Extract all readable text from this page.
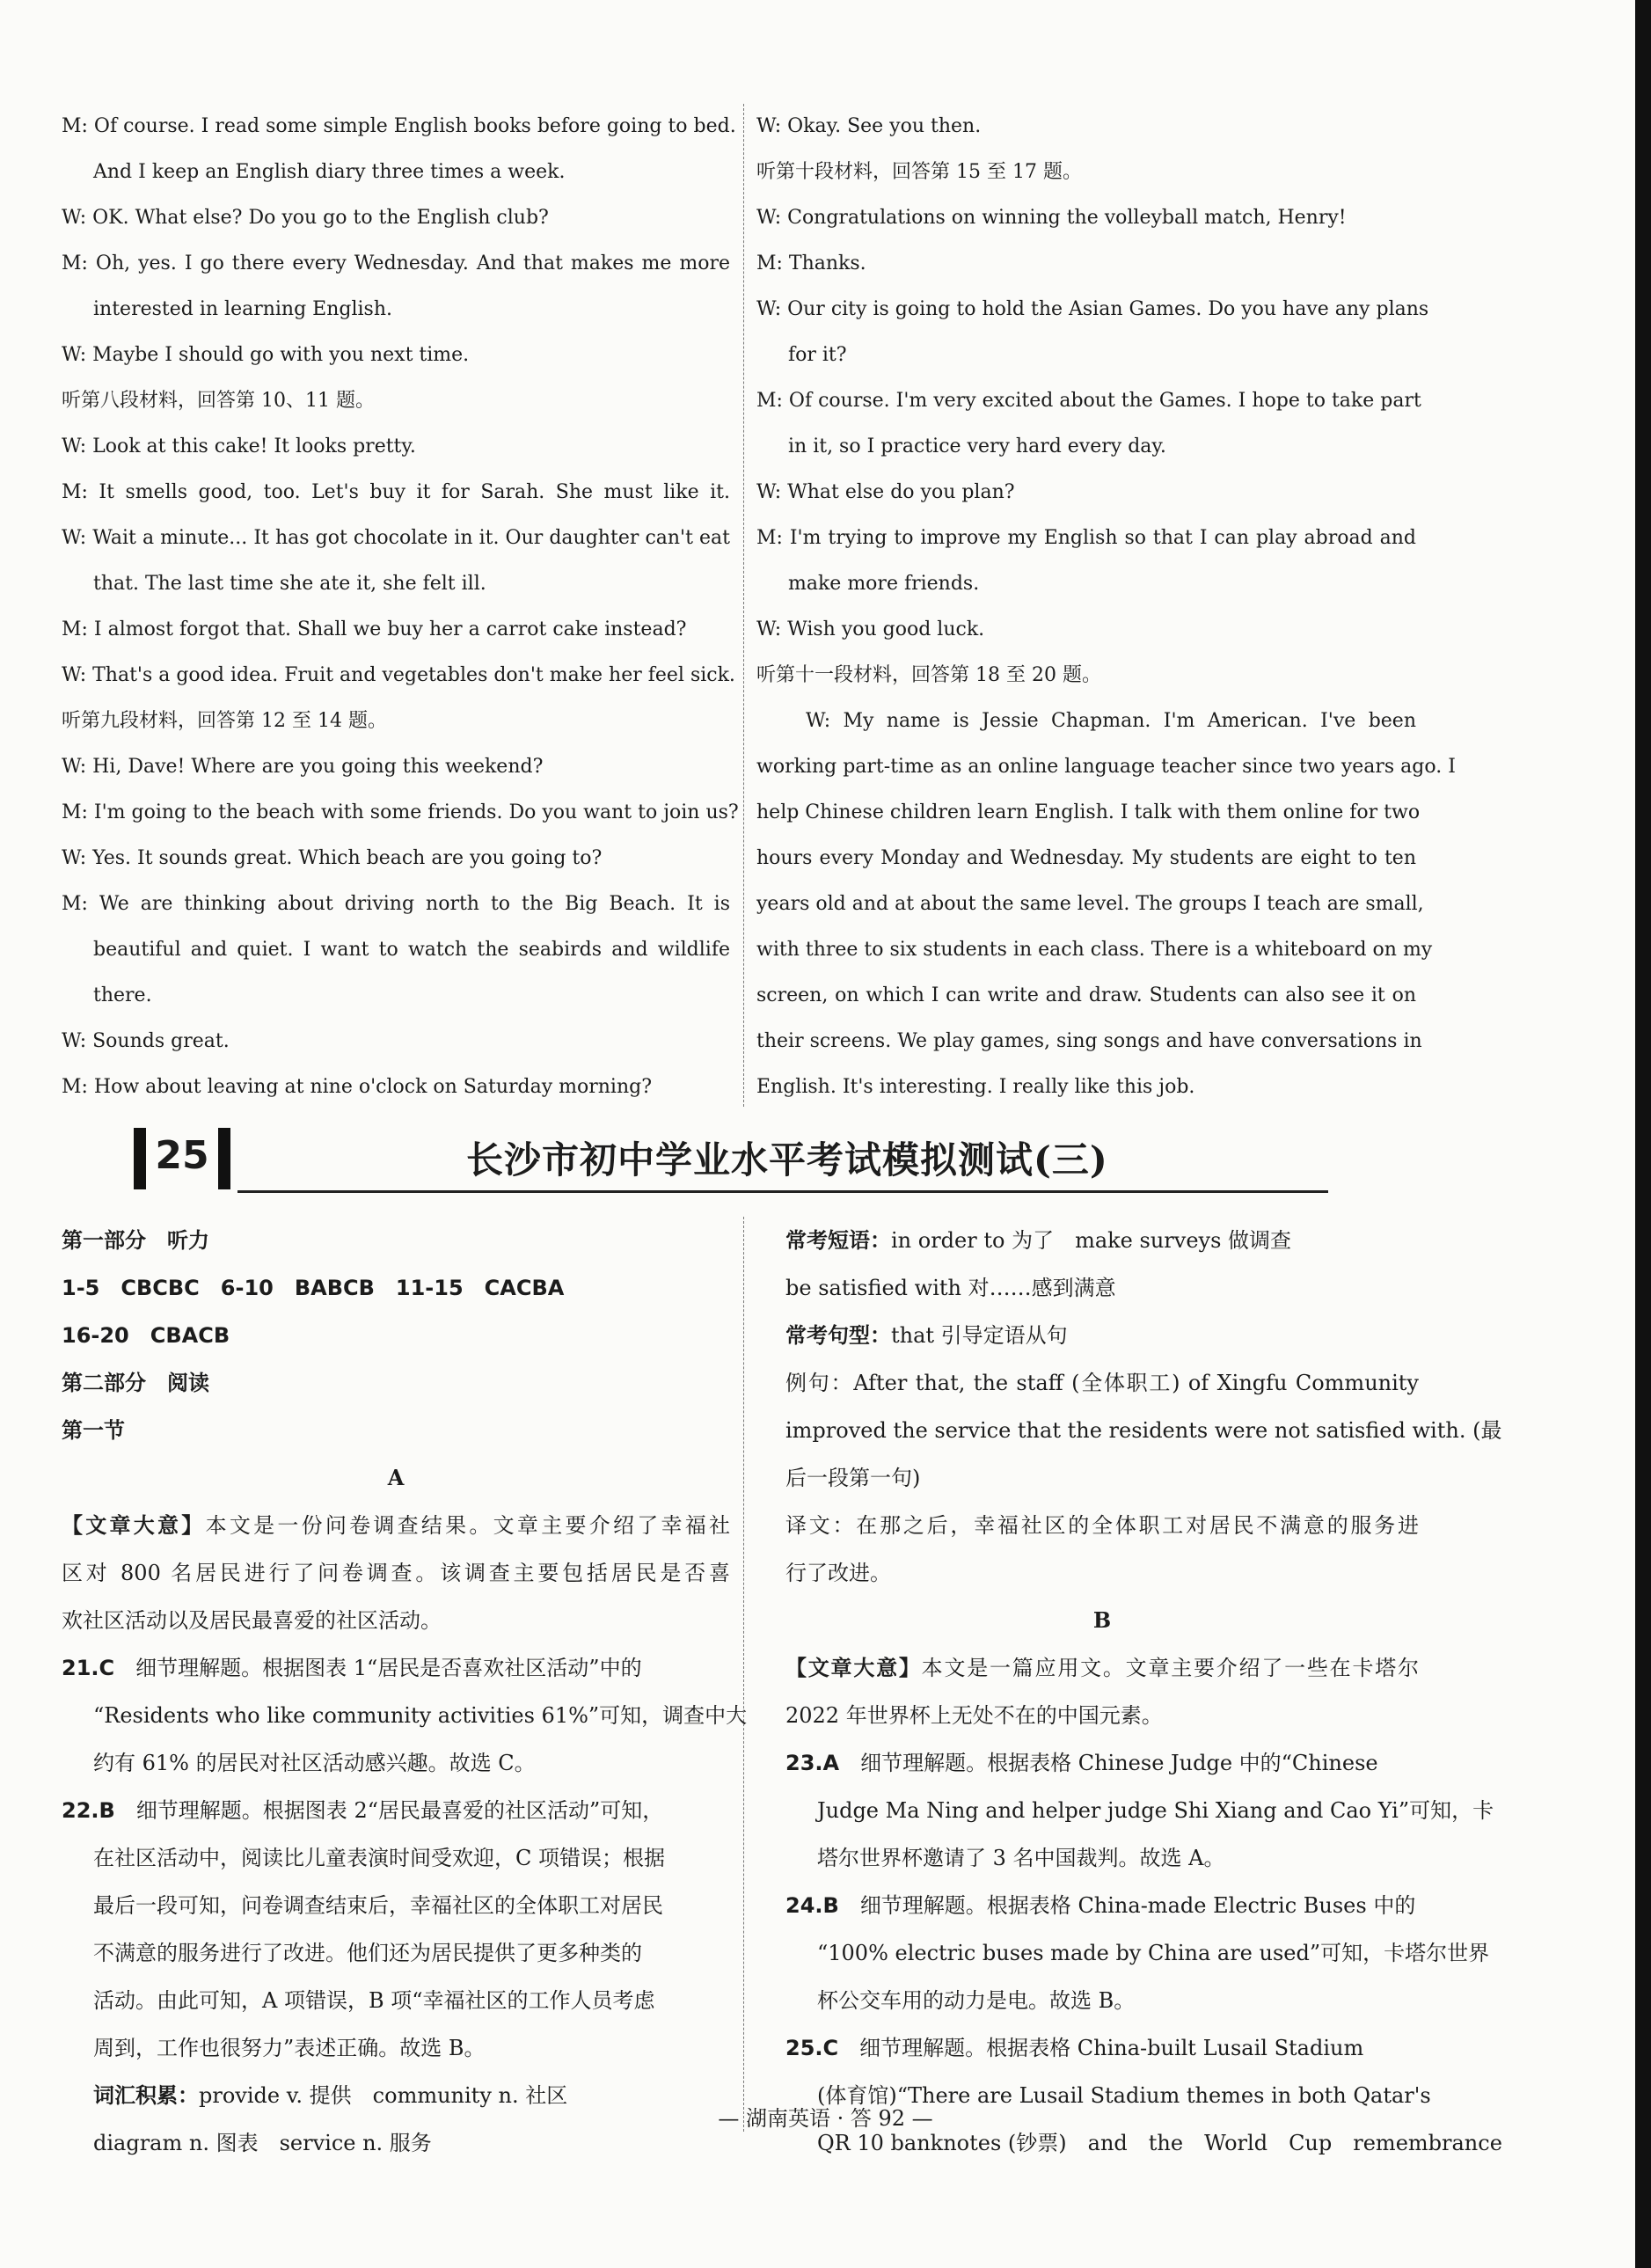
M: Of course. I read some simple English books before going to bed.
And I keep an English diary three times a week.
W: OK. What else? Do you go to the English club?
M: Oh, yes. I go there every Wednesday. And that makes me more
interested in learning English.
W: Maybe I should go with you next time.
听第八段材料，回答第 10、11 题。
W: Look at this cake! It looks pretty.
M: It smells good, too. Let's buy it for Sarah. She must like it.
W: Wait a minute... It has got chocolate in it. Our daughter can't eat
that. The last time she ate it, she felt ill.
M: I almost forgot that. Shall we buy her a carrot cake instead?
W: That's a good idea. Fruit and vegetables don't make her feel sick.
听第九段材料，回答第 12 至 14 题。
W: Hi, Dave! Where are you going this weekend?
M: I'm going to the beach with some friends. Do you want to join us?
W: Yes. It sounds great. Which beach are you going to?
M: We are thinking about driving north to the Big Beach. It is
beautiful and quiet. I want to watch the seabirds and wildlife
there.
W: Sounds great.
M: How about leaving at nine o'clock on Saturday morning?
W: Okay. See you then.
听第十段材料，回答第 15 至 17 题。
W: Congratulations on winning the volleyball match, Henry!
M: Thanks.
W: Our city is going to hold the Asian Games. Do you have any plans
for it?
M: Of course. I'm very excited about the Games. I hope to take part
in it, so I practice very hard every day.
W: What else do you plan?
M: I'm trying to improve my English so that I can play abroad and
make more friends.
W: Wish you good luck.
听第十一段材料，回答第 18 至 20 题。
W: My name is Jessie Chapman. I'm American. I've been
working part-time as an online language teacher since two years ago. I
help Chinese children learn English. I talk with them online for two
hours every Monday and Wednesday. My students are eight to ten
years old and at about the same level. The groups I teach are small,
with three to six students in each class. There is a whiteboard on my
screen, on which I can write and draw. Students can also see it on
their screens. We play games, sing songs and have conversations in
English. It's interesting. I really like this job.
25	长沙市初中学业水平考试模拟测试(三)
第一部分　听力
1-5　CBCBC　6-10　BABCB　11-15　CACBA
16-20　CBACB
第二部分　阅读
第一节
A
【文章大意】本文是一份问卷调查结果。文章主要介绍了幸福社
区对 800 名居民进行了问卷调查。该调查主要包括居民是否喜
欢社区活动以及居民最喜爱的社区活动。
21.C　 细节理解题。根据图表 1“居民是否喜欢社区活动”中的
“Residents who like community activities 61%”可知，调查中大
约有 61% 的居民对社区活动感兴趣。故选 C。
22.B　 细节理解题。根据图表 2“居民最喜爱的社区活动”可知，
在社区活动中，阅读比儿童表演时间受欢迎，C 项错误；根据
最后一段可知，问卷调查结束后，幸福社区的全体职工对居民
不满意的服务进行了改进。他们还为居民提供了更多种类的
活动。由此可知，A 项错误，B 项“幸福社区的工作人员考虑
周到，工作也很努力”表述正确。故选 B。
词汇积累：provide v. 提供　community n. 社区
diagram n. 图表　service n. 服务
常考短语：in order to 为了　make surveys 做调查
be satisfied with 对……感到满意
常考句型：that 引导定语从句
例句：After that, the staff (全体职工) of Xingfu Community
improved the service that the residents were not satisfied with. (最
后一段第一句)
译文：在那之后，幸福社区的全体职工对居民不满意的服务进
行了改进。
B
【文章大意】本文是一篇应用文。文章主要介绍了一些在卡塔尔
2022 年世界杯上无处不在的中国元素。
23.A　 细节理解题。根据表格 Chinese Judge 中的“Chinese
Judge Ma Ning and helper judge Shi Xiang and Cao Yi”可知，卡
塔尔世界杯邀请了 3 名中国裁判。故选 A。
24.B　 细节理解题。根据表格 China-made Electric Buses 中的
“100% electric buses made by China are used”可知，卡塔尔世界
杯公交车用的动力是电。故选 B。
25.C　 细节理解题。根据表格 China-built Lusail Stadium
(体育馆)“There are Lusail Stadium themes in both Qatar's
QR 10 banknotes (钞票)　and　the　World　Cup　remembrance
— 湖南英语 · 答 92 —
